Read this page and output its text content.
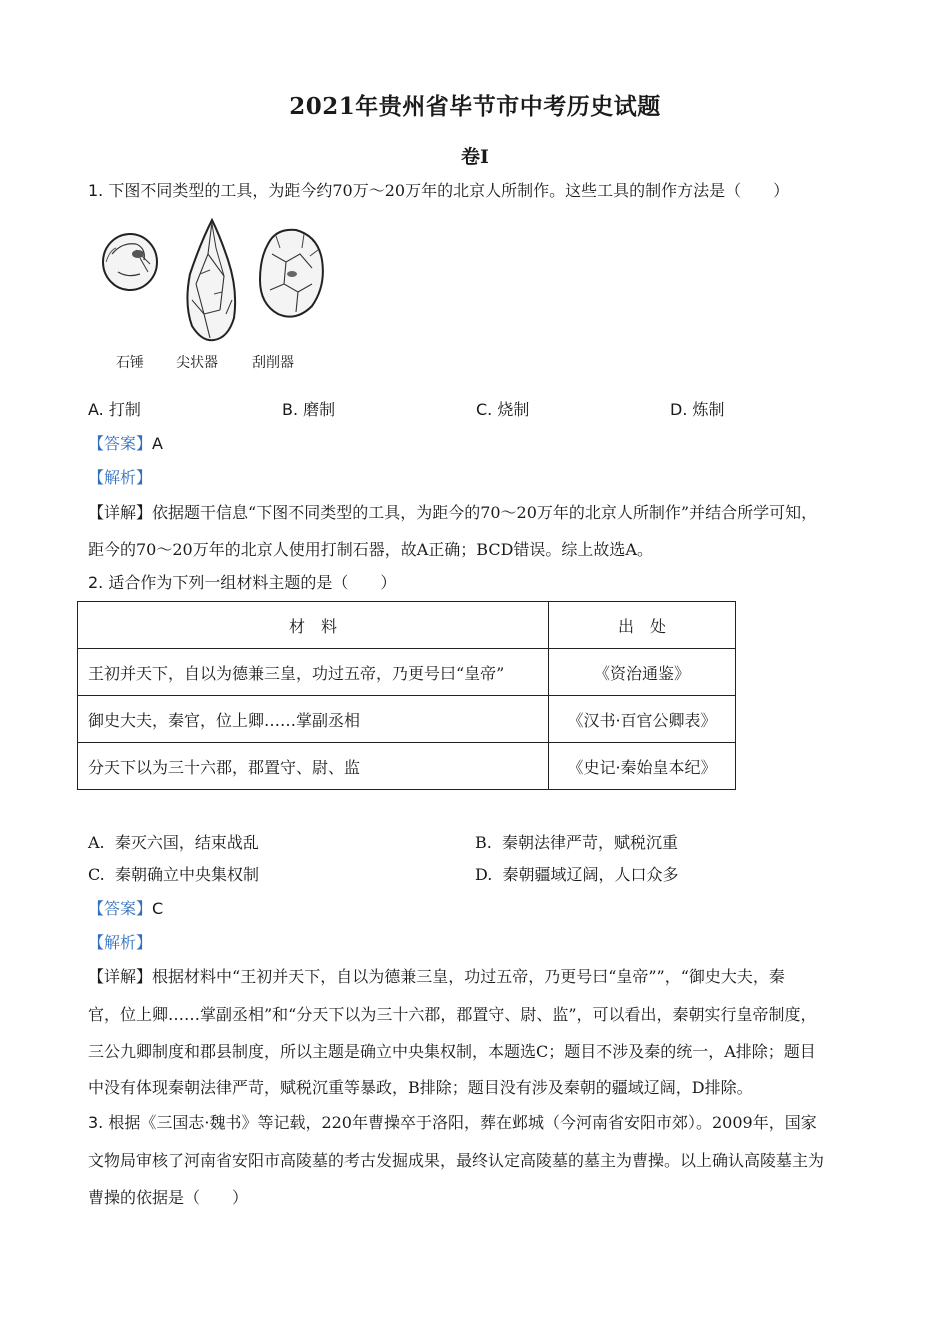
2021年贵州省毕节市中考历史试题
卷Ⅰ
1. 下图不同类型的工具，为距今约70万～20万年的北京人所制作。这些工具的制作方法是（　　）
石锤 尖状器 刮削器
A. 打制	B. 磨制	C. 烧制	D. 炼制
【答案】A
【解析】
【详解】依据题干信息“下图不同类型的工具，为距今的70～20万年的北京人所制作”并结合所学可知，
距今的70～20万年的北京人使用打制石器，故A正确；BCD错误。综上故选A。
2. 适合作为下列一组材料主题的是（　　）
材　料	出　处
王初并天下，自以为德兼三皇，功过五帝，乃更号曰“皇帝”	《资治通鉴》
御史大夫，秦官，位上卿……掌副丞相	《汉书·百官公卿表》
分天下以为三十六郡，郡置守、尉、监	《史记·秦始皇本纪》
A. 秦灭六国，结束战乱	B. 秦朝法律严苛，赋税沉重
C. 秦朝确立中央集权制	D. 秦朝疆域辽阔，人口众多
【答案】C
【解析】
【详解】根据材料中“王初并天下，自以为德兼三皇，功过五帝，乃更号曰“皇帝””，“御史大夫，秦
官，位上卿……掌副丞相”和“分天下以为三十六郡，郡置守、尉、监”，可以看出，秦朝实行皇帝制度，
三公九卿制度和郡县制度，所以主题是确立中央集权制，本题选C；题目不涉及秦的统一，A排除；题目
中没有体现秦朝法律严苛，赋税沉重等暴政，B排除；题目没有涉及秦朝的疆域辽阔，D排除。
3. 根据《三国志·魏书》等记载，220年曹操卒于洛阳，葬在邺城（今河南省安阳市郊）。2009年，国家
文物局审核了河南省安阳市高陵墓的考古发掘成果，最终认定高陵墓的墓主为曹操。以上确认高陵墓主为
曹操的依据是（　　）
